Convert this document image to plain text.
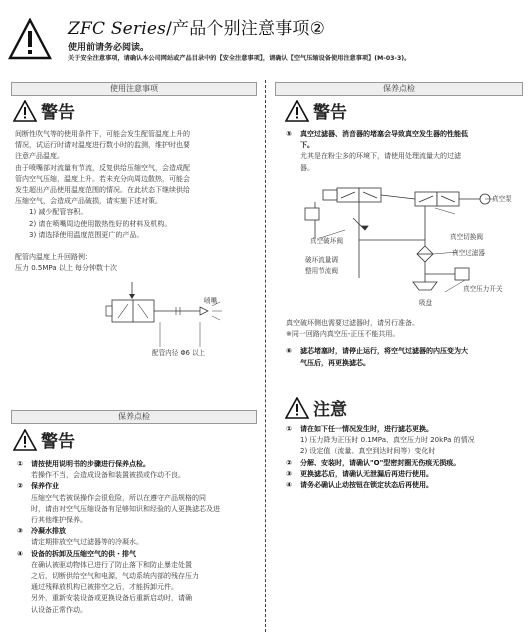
ZFC Series/产品个别注意事项②
使用前请务必阅读。
关于安全注意事项，请确认本公司网站或产品目录中的【安全注意事项】，请确认【空气压缩设备使用注意事项】(M-03-3)。
使用注意事项
警告
间断性吹气等的使用条件下，可能会发生配管温度上升的
情况，试运行时请对温度进行数小时的监测，维护时也要
注意产品温度。
由于喷嘴部对流量有节流，反复供给压缩空气，会造成配
管内空气压缩，温度上升。若未充分向周边散热，可能会
发生超出产品使用温度范围的情况。在此状态下继续供给
压缩空气，会造成产品破损，请实施下述对策。
1) 减少配管容积。
2) 请在喷嘴周边使用散热性好的材料及机构。
3) 请选择使用温度范围更广的产品。
配管内温度上升回路例：
压力 0.5MPa 以上 每分钟数十次
喷嘴
配管内径 Φ6 以上
保养点检
警告
① 请按使用说明书的步骤进行保养点检。
若操作不当，会造成设备和装置被损或作动不良。
② 保养作业
压缩空气若被误操作会很危险，所以在遵守产品规格的同
时，请由对空气压缩设备有足够知识和经验的人更换滤芯及进
行其他维护保养。
③ 冷凝水排放
请定期排放空气过滤器等的冷凝水。
④ 设备的拆卸及压缩空气的供・排气
在确认被驱动物体已进行了防止落下和防止暴走处置
之后，切断供给空气和电源，气动系统内部的残存压力
通过残释放机构已被排空之后，才能拆卸元件。
另外，重新安装设备或更换设备后重新启动时，请确
认设备正常作动。
保养点检
警告
⑤ 真空过滤器、消音器的堵塞会导致真空发生器的性能低
下。
尤其是在粉尘多的环境下，请使用处理流量大的过滤
器。
真空泵
真空破坏阀	真空切换阀
破坏流量调
整用节流阀
真空过滤器
吸盘
真空压力开关
真空破坏侧也需要过滤器时，请另行准备。
※同一回路内真空压-正压不能共用。
⑥ 滤芯堵塞时，请停止运行，将空气过滤器的内压变为大
气压后，再更换滤芯。
注意
① 请在如下任一情况发生时，进行滤芯更换。
1) 压力降为正压时 0.1MPa、真空压力时 20kPa 的情况
2) 设定值（流量、真空到达时间等）变化时
② 分解、安装时，请确认"O"型密封圈无伤痕无损痕。
③ 更换滤芯后，请确认无泄漏后再进行使用。
④ 请务必确认止动按钮在锁定状态后再使用。
